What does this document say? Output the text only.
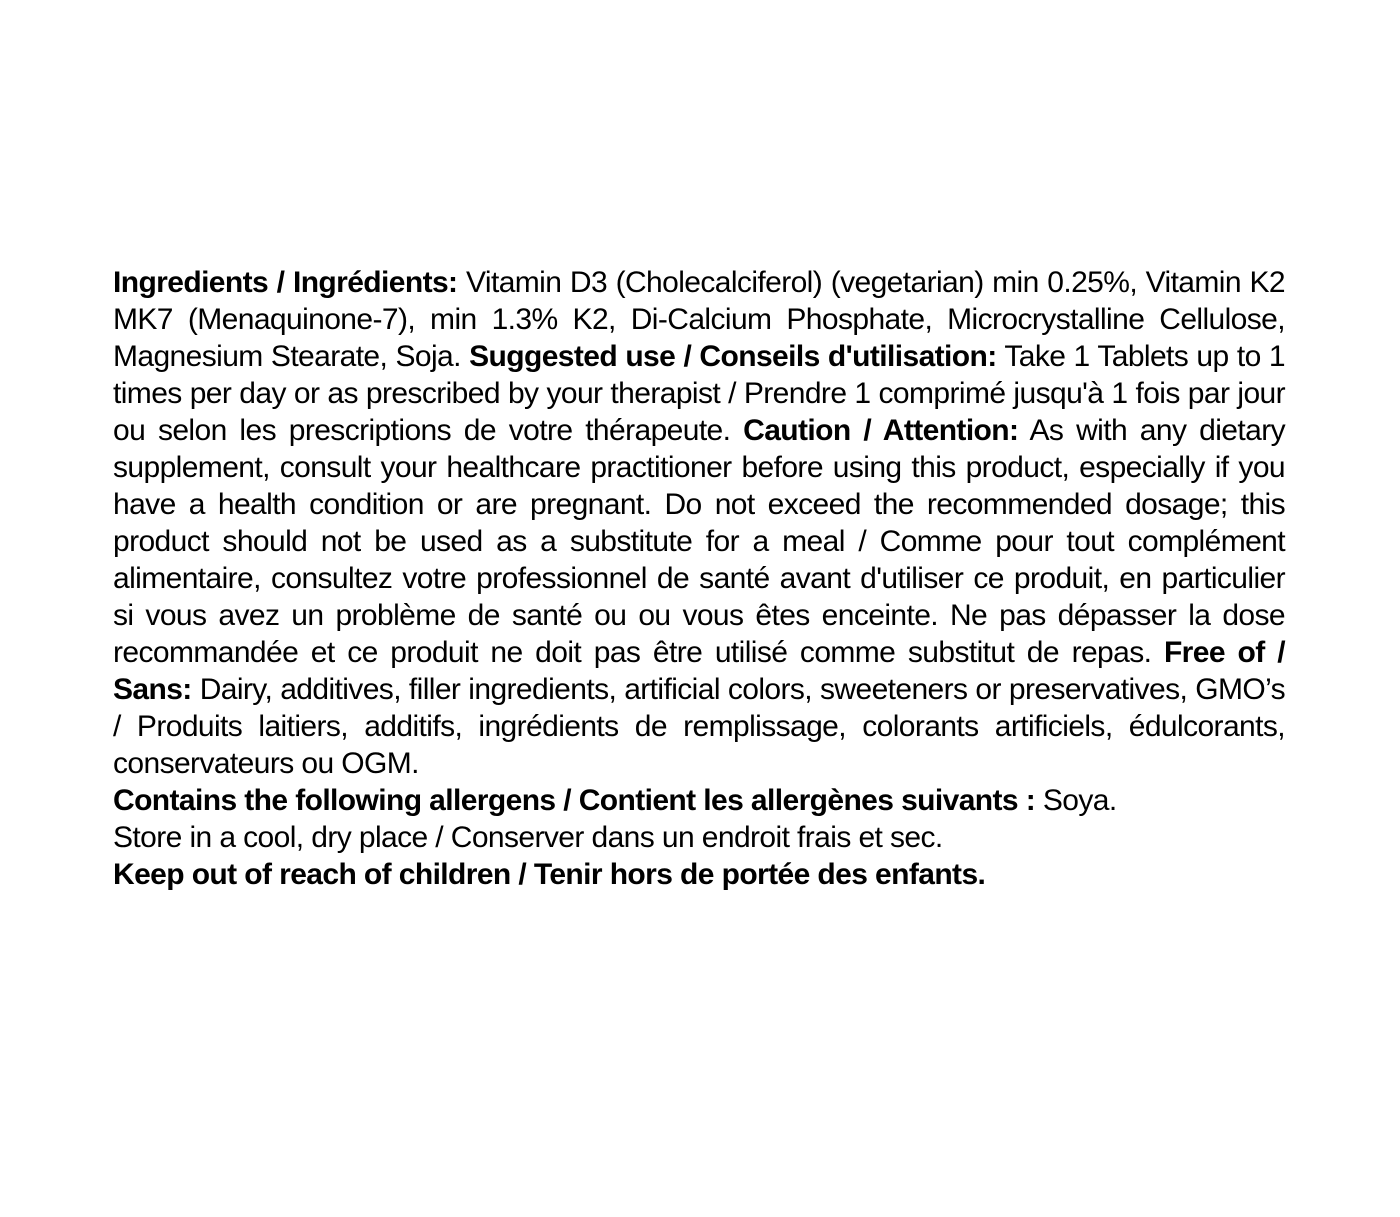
Ingredients / Ingrédients: Vitamin D3 (Cholecalciferol) (vegetarian) min 0.25%, Vitamin K2 MK7 (Menaquinone-7), min 1.3% K2, Di-Calcium Phosphate, Microcrystalline Cellulose, Magnesium Stearate, Soja. Suggested use / Conseils d'utilisation: Take 1 Tablets up to 1 times per day or as prescribed by your therapist / Prendre 1 comprimé jusqu'à 1 fois par jour ou selon les prescriptions de votre thérapeute. Caution / Attention: As with any dietary supplement, consult your healthcare practitioner before using this product, especially if you have a health condition or are pregnant. Do not exceed the recommended dosage; this product should not be used as a substitute for a meal / Comme pour tout complément alimentaire, consultez votre professionnel de santé avant d'utiliser ce produit, en particulier si vous avez un problème de santé ou ou vous êtes enceinte. Ne pas dépasser la dose recommandée et ce produit ne doit pas être utilisé comme substitut de repas. Free of / Sans: Dairy, additives, filler ingredients, artificial colors, sweeteners or preservatives, GMO’s / Produits laitiers, additifs, ingrédients de remplissage, colorants artificiels, édulcorants, conservateurs ou OGM.

Contains the following allergens / Contient les allergènes suivants : Soya.

Store in a cool, dry place / Conserver dans un endroit frais et sec.

Keep out of reach of children / Tenir hors de portée des enfants.
